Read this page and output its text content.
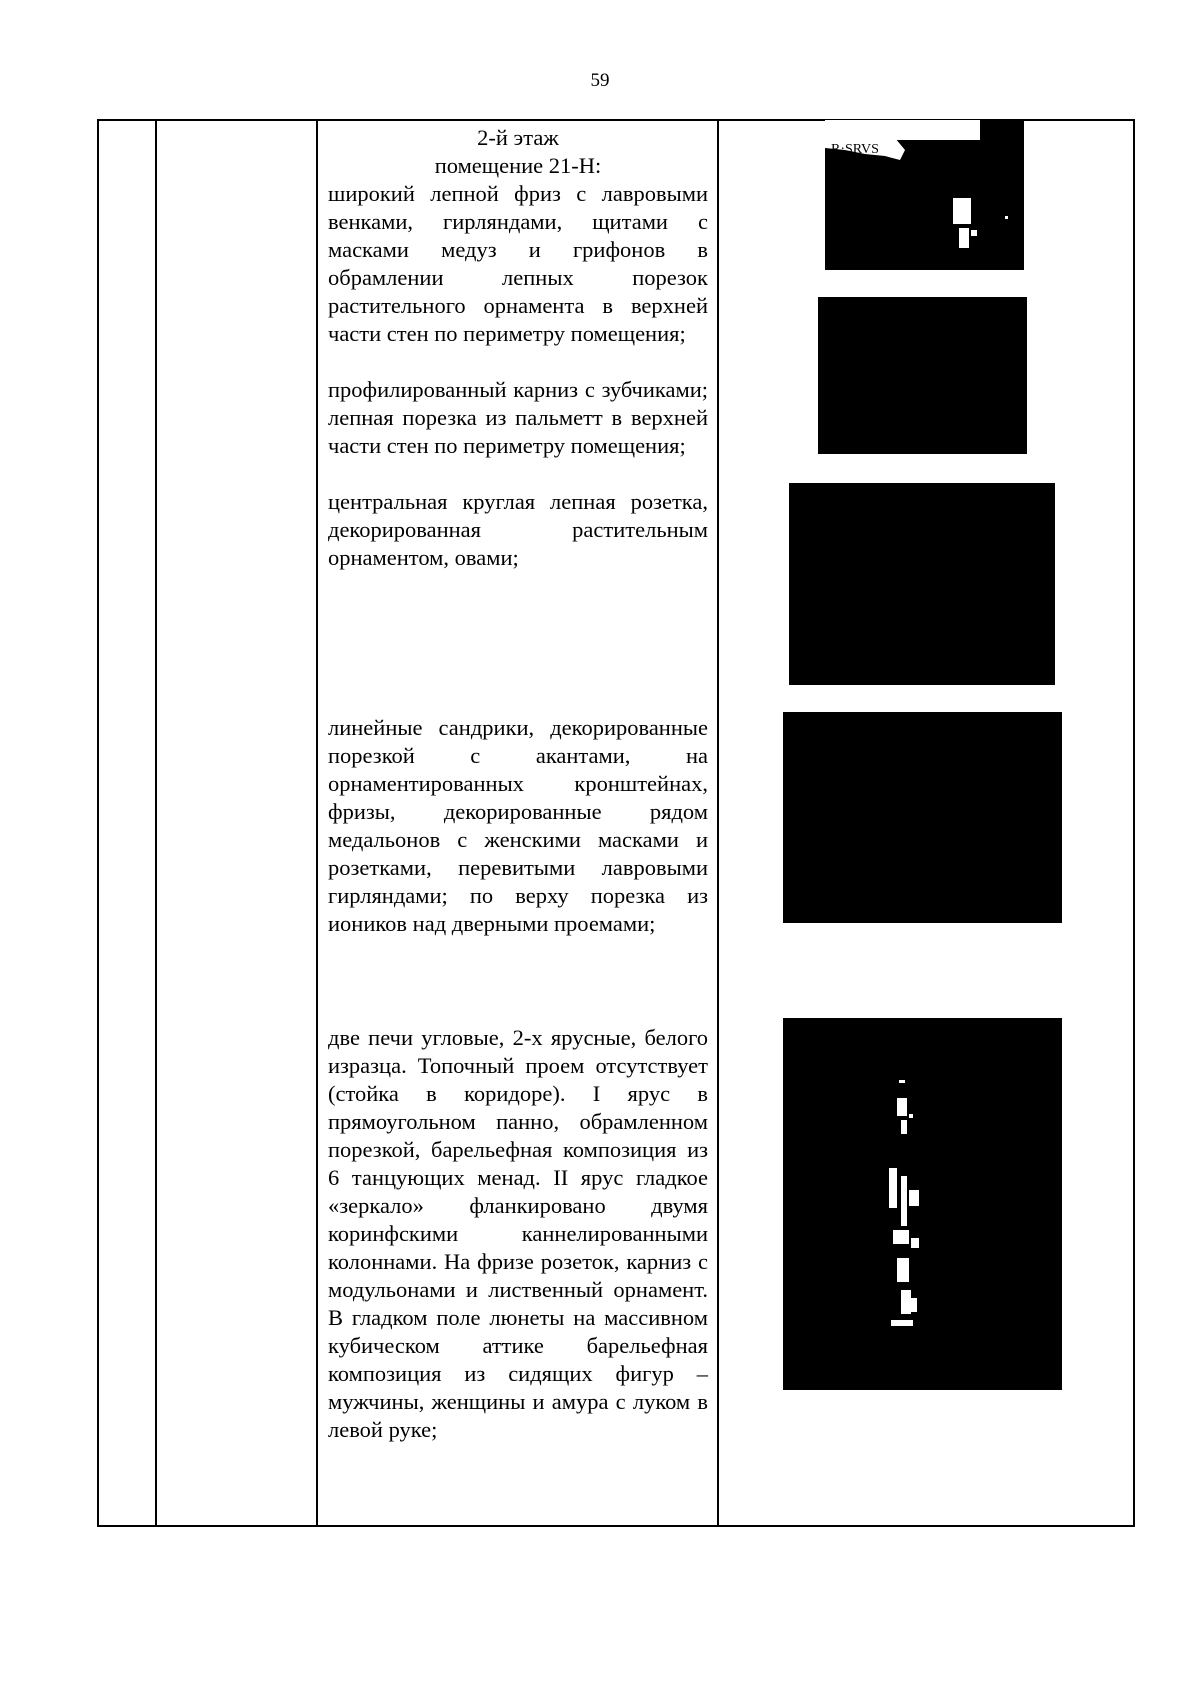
59
2-й этаж
помещение 21-Н:
широкий лепной фриз с лавровыми венками, гирляндами, щитами с масками медуз и грифонов в обрамлении лепных порезок растительного орнамента в верхней части стен по периметру помещения;
профилированный карниз с зубчиками; лепная порезка из пальметт в верхней части стен по периметру помещения;
центральная круглая лепная розетка, декорированная растительным орнаментом, овами;
линейные сандрики, декорированные порезкой с акантами, на орнаментированных кронштейнах, фризы, декорированные рядом медальонов с женскими масками и розетками, перевитыми лавровыми гирляндами; по верху порезка из иоников над дверными проемами;
две печи угловые, 2-х ярусные, белого изразца. Топочный проем отсутствует (стойка в коридоре). I ярус в прямоугольном панно, обрамленном порезкой, барельефная композиция из 6 танцующих менад. II ярус гладкое «зеркало» фланкировано двумя коринфскими каннелированными колоннами. На фризе розеток, карниз с модульонами и лиственный орнамент. В гладком поле люнеты на массивном кубическом аттике барельефная композиция из сидящих фигур – мужчины, женщины и амура с луком в левой руке;
R·SRVS
